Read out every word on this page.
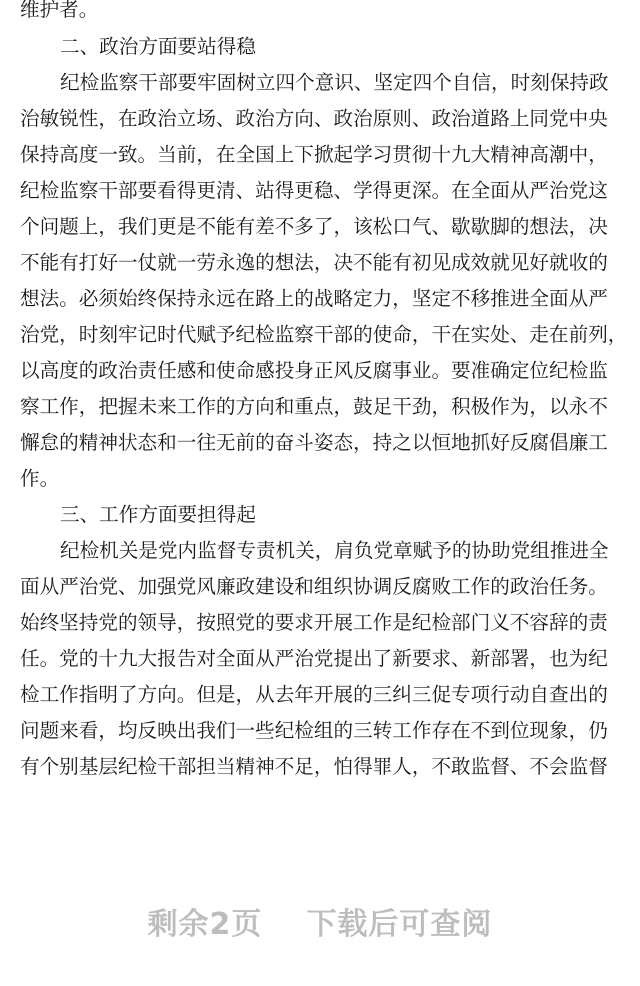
维护者。
二、政治方面要站得稳
纪检监察干部要牢固树立四个意识、坚定四个自信，时刻保持政
治敏锐性，在政治立场、政治方向、政治原则、政治道路上同党中央
保持高度一致。当前，在全国上下掀起学习贯彻十九大精神高潮中，
纪检监察干部要看得更清、站得更稳、学得更深。在全面从严治党这
个问题上，我们更是不能有差不多了，该松口气、歇歇脚的想法，决
不能有打好一仗就一劳永逸的想法，决不能有初见成效就见好就收的
想法。必须始终保持永远在路上的战略定力，坚定不移推进全面从严
治党，时刻牢记时代赋予纪检监察干部的使命，干在实处、走在前列，
以高度的政治责任感和使命感投身正风反腐事业。要准确定位纪检监
察工作，把握未来工作的方向和重点，鼓足干劲，积极作为，以永不
懈怠的精神状态和一往无前的奋斗姿态，持之以恒地抓好反腐倡廉工
作。
三、工作方面要担得起
纪检机关是党内监督专责机关，肩负党章赋予的协助党组推进全
面从严治党、加强党风廉政建设和组织协调反腐败工作的政治任务。
始终坚持党的领导，按照党的要求开展工作是纪检部门义不容辞的责
任。党的十九大报告对全面从严治党提出了新要求、新部署，也为纪
检工作指明了方向。但是，从去年开展的三纠三促专项行动自查出的
问题来看，均反映出我们一些纪检组的三转工作存在不到位现象，仍
有个别基层纪检干部担当精神不足，怕得罪人，不敢监督、不会监督
剩余2页 下载后可查阅
